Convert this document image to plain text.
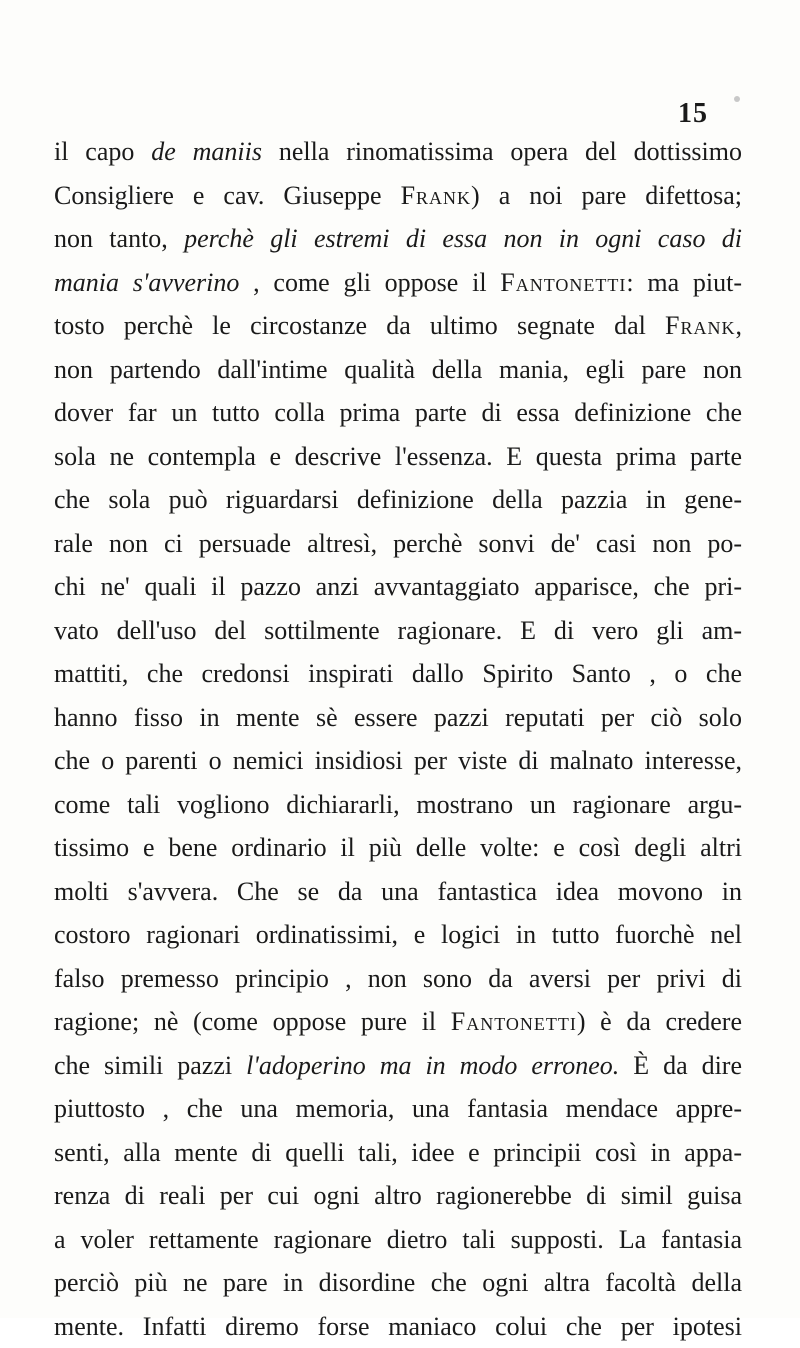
15
il capo de maniis nella rinomatissima opera del dottissimo
Consigliere e cav. Giuseppe Frank) a noi pare difettosa;
non tanto, perchè gli estremi di essa non in ogni caso di
mania s'avverino , come gli oppose il Fantonetti: ma piut-
tosto perchè le circostanze da ultimo segnate dal Frank,
non partendo dall'intime qualità della mania, egli pare non
dover far un tutto colla prima parte di essa definizione che
sola ne contempla e descrive l'essenza. E questa prima parte
che sola può riguardarsi definizione della pazzia in gene-
rale non ci persuade altresì, perchè sonvi de' casi non po-
chi ne' quali il pazzo anzi avvantaggiato apparisce, che pri-
vato dell'uso del sottilmente ragionare. E di vero gli am-
mattiti, che credonsi inspirati dallo Spirito Santo , o che
hanno fisso in mente sè essere pazzi reputati per ciò solo
che o parenti o nemici insidiosi per viste di malnato interesse,
come tali vogliono dichiararli, mostrano un ragionare argu-
tissimo e bene ordinario il più delle volte: e così degli altri
molti s'avvera. Che se da una fantastica idea movono in
costoro ragionari ordinatissimi, e logici in tutto fuorchè nel
falso premesso principio , non sono da aversi per privi di
ragione; nè (come oppose pure il Fantonetti) è da credere
che simili pazzi l'adoperino ma in modo erroneo. È da dire
piuttosto , che una memoria, una fantasia mendace appre-
senti, alla mente di quelli tali, idee e principii così in appa-
renza di reali per cui ogni altro ragionerebbe di simil guisa
a voler rettamente ragionare dietro tali supposti. La fantasia
perciò più ne pare in disordine che ogni altra facoltà della
mente. Infatti diremo forse maniaco colui che per ipotesi
